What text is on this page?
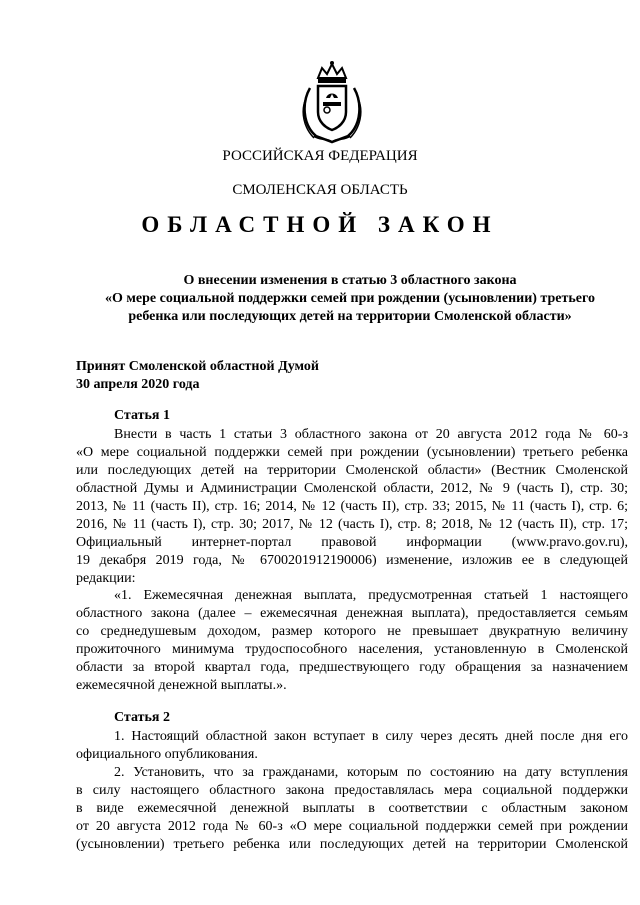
РОССИЙСКАЯ ФЕДЕРАЦИЯ
СМОЛЕНСКАЯ ОБЛАСТЬ
ОБЛАСТНОЙ ЗАКОН
О внесении изменения в статью 3 областного закона
«О мере социальной поддержки семей при рождении (усыновлении) третьего
ребенка или последующих детей на территории Смоленской области»
Принят Смоленской областной Думой
30 апреля 2020 года
Статья 1
Внести в часть 1 статьи 3 областного закона от 20 августа 2012 года № 60-з
«О мере социальной поддержки семей при рождении (усыновлении) третьего ребенка
или последующих детей на территории Смоленской области» (Вестник Смоленской
областной Думы и Администрации Смоленской области, 2012, № 9 (часть I), стр. 30;
2013, № 11 (часть II), стр. 16; 2014, № 12 (часть II), стр. 33; 2015, № 11 (часть I), стр. 6;
2016, № 11 (часть I), стр. 30; 2017, № 12 (часть I), стр. 8; 2018, № 12 (часть II), стр. 17;
Официальный интернет-портал правовой информации (www.pravo.gov.ru),
19 декабря 2019 года, № 6700201912190006) изменение, изложив ее в следующей
редакции:
«1. Ежемесячная денежная выплата, предусмотренная статьей 1 настоящего
областного закона (далее – ежемесячная денежная выплата), предоставляется семьям
со среднедушевым доходом, размер которого не превышает двукратную величину
прожиточного минимума трудоспособного населения, установленную в Смоленской
области за второй квартал года, предшествующего году обращения за назначением
ежемесячной денежной выплаты.».
Статья 2
1. Настоящий областной закон вступает в силу через десять дней после дня его
официального опубликования.
2. Установить, что за гражданами, которым по состоянию на дату вступления
в силу настоящего областного закона предоставлялась мера социальной поддержки
в виде ежемесячной денежной выплаты в соответствии с областным законом
от 20 августа 2012 года № 60-з «О мере социальной поддержки семей при рождении
(усыновлении) третьего ребенка или последующих детей на территории Смоленской
